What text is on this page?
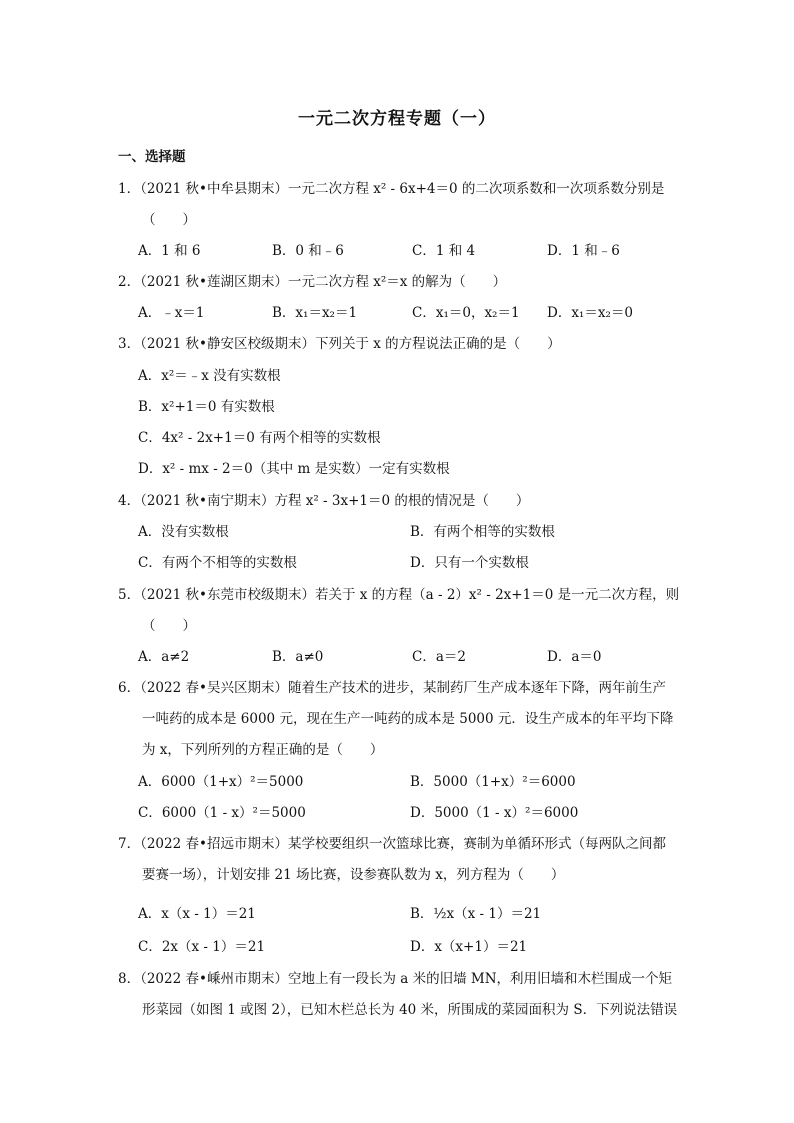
一元二次方程专题（一）
一、选择题
1．（2021 秋•中牟县期末）一元二次方程 x² - 6x+4＝0 的二次项系数和一次项系数分别是
（　　）
A．1 和 6	B．0 和﹣6	C．1 和 4	D．1 和﹣6
2．（2021 秋•莲湖区期末）一元二次方程 x²＝x 的解为（　　）
A．﹣x＝1	B．x₁＝x₂＝1	C．x₁＝0，x₂＝1 D．x₁＝x₂＝0
3．（2021 秋•静安区校级期末）下列关于 x 的方程说法正确的是（　　）
A．x²＝﹣x 没有实数根
B．x²+1＝0 有实数根
C．4x² - 2x+1＝0 有两个相等的实数根
D．x² - mx - 2＝0（其中 m 是实数）一定有实数根
4．（2021 秋•南宁期末）方程 x² - 3x+1＝0 的根的情况是（　　）
A．没有实数根	B．有两个相等的实数根
C．有两个不相等的实数根	D．只有一个实数根
5．（2021 秋•东莞市校级期末）若关于 x 的方程（a - 2）x² - 2x+1＝0 是一元二次方程，则
（　　）
A．a≠2	B．a≠0	C．a＝2	D．a＝0
6．（2022 春•吴兴区期末）随着生产技术的进步，某制药厂生产成本逐年下降，两年前生产
一吨药的成本是 6000 元，现在生产一吨药的成本是 5000 元．设生产成本的年平均下降
为 x，下列所列的方程正确的是（　　）
A．6000（1+x）²＝5000	B．5000（1+x）²＝6000
C．6000（1 - x）²＝5000	D．5000（1 - x）²＝6000
7．（2022 春•招远市期末）某学校要组织一次篮球比赛，赛制为单循环形式（每两队之间都
要赛一场），计划安排 21 场比赛，设参赛队数为 x，列方程为（　　）
A．x（x - 1）＝21	B．½x（x - 1）＝21
C．2x（x - 1）＝21	D．x（x+1）＝21
8．（2022 春•嵊州市期末）空地上有一段长为 a 米的旧墙 MN，利用旧墙和木栏围成一个矩
形菜园（如图 1 或图 2），已知木栏总长为 40 米，所围成的菜园面积为 S．下列说法错误
